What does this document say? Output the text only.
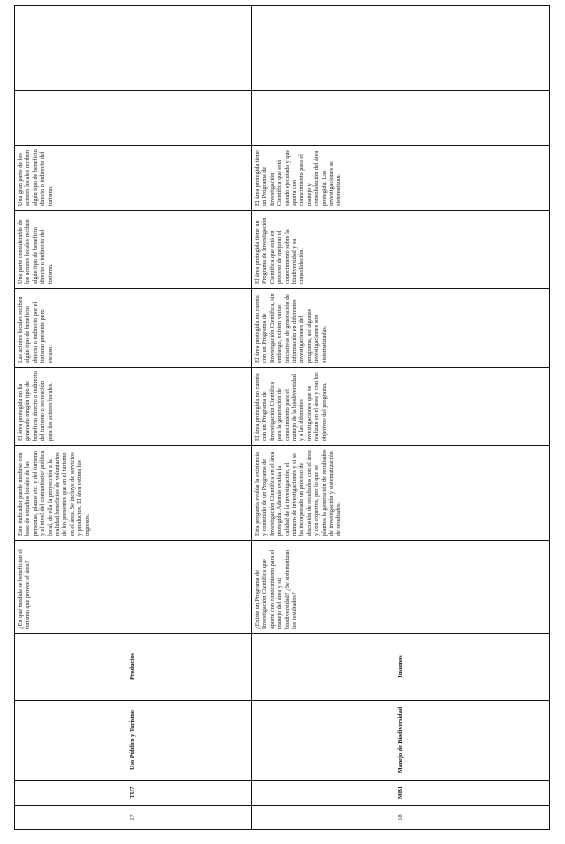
Una gran parte de los actores locales reciben algún tipo de beneficio directo o indirecto del turismo.
Una parte considerable de los actores locales reciben algún tipo de beneficio directo o indirecto del turismo.
Las actores locales reciben algún tipo de beneficio directo o indirecto por el turismo presente pero escaso.
El área protegida no ha generado ningún tipo de beneficio directo o indirecto del turismo o recreación para los actores locales.
Este indicador puede medirse con base de estudios locales de las personas, plazos etc. y del turismo y el nivel del comunitario/ política local, de ella la proyección a la realidad beneficios de voluntarios de los presentes que en el turismo en el área. Se incluye de servicios y productos. El área estima los ingresos.
¿En qué medida se benefician el turismo que provee el área?
Productos
Uso Público y Turismo
TU7
17
El área protegida tiene un Programa de Investigación Científica que está siendo ejecutada y que aporta con conocimiento para el manejo y consolidación del área protegida. Las investigaciones se sistematizan.
El área protegida tiene un Programa de Investigación Científica que está en proceso de mejorar el conocimiento sobre la biodiversidad y su consolidación.
El área protegida no cuenta con un Programa de Investigación Científica, sin embargo, existen varias iniciativas de generación de información en diferentes investigaciones del programa, así algunas investigaciones son sistematizadas.
El área protegida no cuenta con un Programa de Investigación Científica para la generación de conocimiento para el manejo de la biodiversidad y a las diferentes investigaciones que se realizan en el área y con los objetivos del programa.
Esta pregunta evalúa la existencia y contenido de un Programa de Investigación Científica en el área protegida. Además evalúa la calidad de la investigación, el número de investigaciones y si se ha incorporado un proceso de discusión de resultados con el área y con expertos, por lo que se plantea la generación de resultados de investigación y sistematización de resultados.
¿Existe un Programa de Investigación Científica que aporte con conocimiento para el manejo del área y su biodiversidad? ¿Se sistematizan los resultados?
Insumos
Manejo de Biodiversidad
MB1
18
